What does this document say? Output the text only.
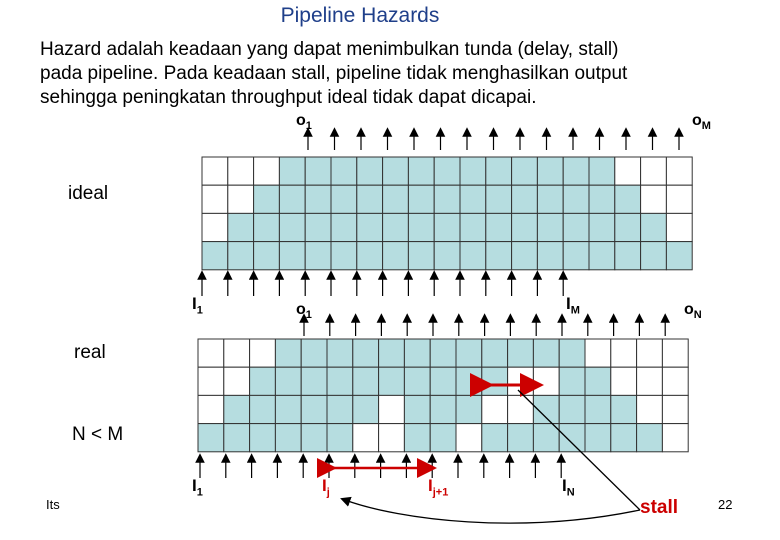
Pipeline Hazards
Hazard adalah keadaan yang dapat menimbulkan tunda (delay, stall)
pada pipeline. Pada keadaan stall, pipeline tidak menghasilkan output
sehingga peningkatan throughput ideal tidak dapat dicapai.
ideal
$o_1$	$o_M$
$I_1$	$I_M$
real
N < M
$o_1$	$o_N$
$I_1$	$I_j$	$I_{j+1}$	$I_N$
stall
Its	22
